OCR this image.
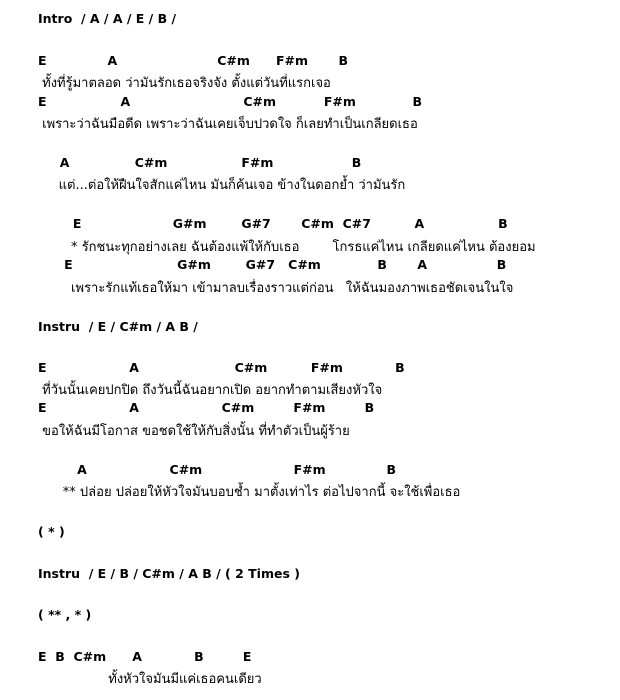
Intro  / A / A / E / B /
E              A                       C#m      F#m       B
ทั้งที่รู้มาตลอด ว่ามันรักเธอจริงจัง ตั้งแต่วันที่แรกเจอ
E                 A                          C#m           F#m             B
เพราะว่าฉันมือดีด เพราะว่าฉันเคยเจ็บปวดใจ ก็เลยทำเป็นเกลียดเธอ
A               C#m                 F#m                  B
แต่...ต่อให้ฝืนใจสักแค่ไหน มันก็ค้นเจอ ข้างในดอกย้ำ ว่ามันรัก
E                     G#m        G#7       C#m  C#7          A                 B
* รักชนะทุกอย่างเลย ฉันต้องแพ้ให้กับเธอ        โกรธแค่ไหน เกลียดแค่ไหน ต้องยอม
E                        G#m        G#7   C#m             B       A                B
เพราะรักแท้เธอให้มา เข้ามาลบเรื่องราวแต่ก่อน   ให้ฉันมองภาพเธอชัดเจนในใจ
Instru  / E / C#m / A B /
E                   A                      C#m          F#m            B
ที่วันนั้นเคยปกปิด ถึงวันนี้ฉันอยากเปิด อยากทำตามเสียงหัวใจ
E                   A                   C#m         F#m         B
ขอให้ฉันมีโอกาส ขอชดใช้ให้กับสิ่งนั้น ที่ทำตัวเป็นผู้ร้าย
A                   C#m                     F#m              B
** ปล่อย ปล่อยให้หัวใจมันบอบช้ำ มาตั้งเท่าไร ต่อไปจากนี้ จะใช้เพื่อเธอ
( * )
Instru  / E / B / C#m / A B / ( 2 Times )
( ** , * )
E  B  C#m      A            B         E
ทั้งหัวใจมันมีแค่เธอคนเดียว
